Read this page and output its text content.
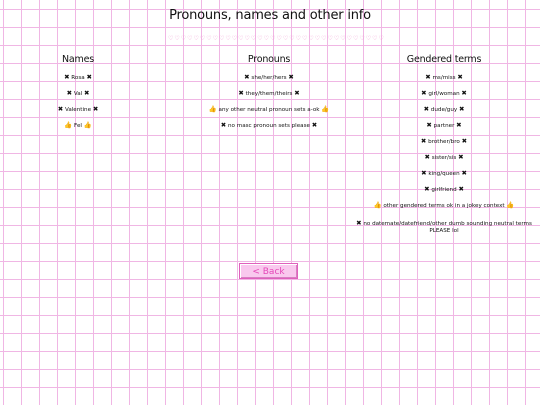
Pronouns, names and other info
♡♡♡♡♡♡♡♡♡♡♡♡♡♡♡♡♡♡♡♡♡♡♡♡♡♡♡♡♡♡♡♡♡♡
Names
✖ Rosa ✖
✖ Val ✖
✖ Valentine ✖
👍 Fel 👍
Pronouns
✖ she/her/hers ✖
✖ they/them/theirs ✖
👍 any other neutral pronoun sets a-ok 👍
✖ no masc pronoun sets please ✖
Gendered terms
✖ ms/miss ✖
✖ girl/woman ✖
✖ dude/guy ✖
✖ partner ✖
✖ brother/bro ✖
✖ sister/sis ✖
✖ king/queen ✖
✖ girlfriend ✖
👍 other gendered terms ok in a jokey context 👍
✖ no datemate/datefriend/other dumb sounding neutral terms PLEASE lol
< Back
